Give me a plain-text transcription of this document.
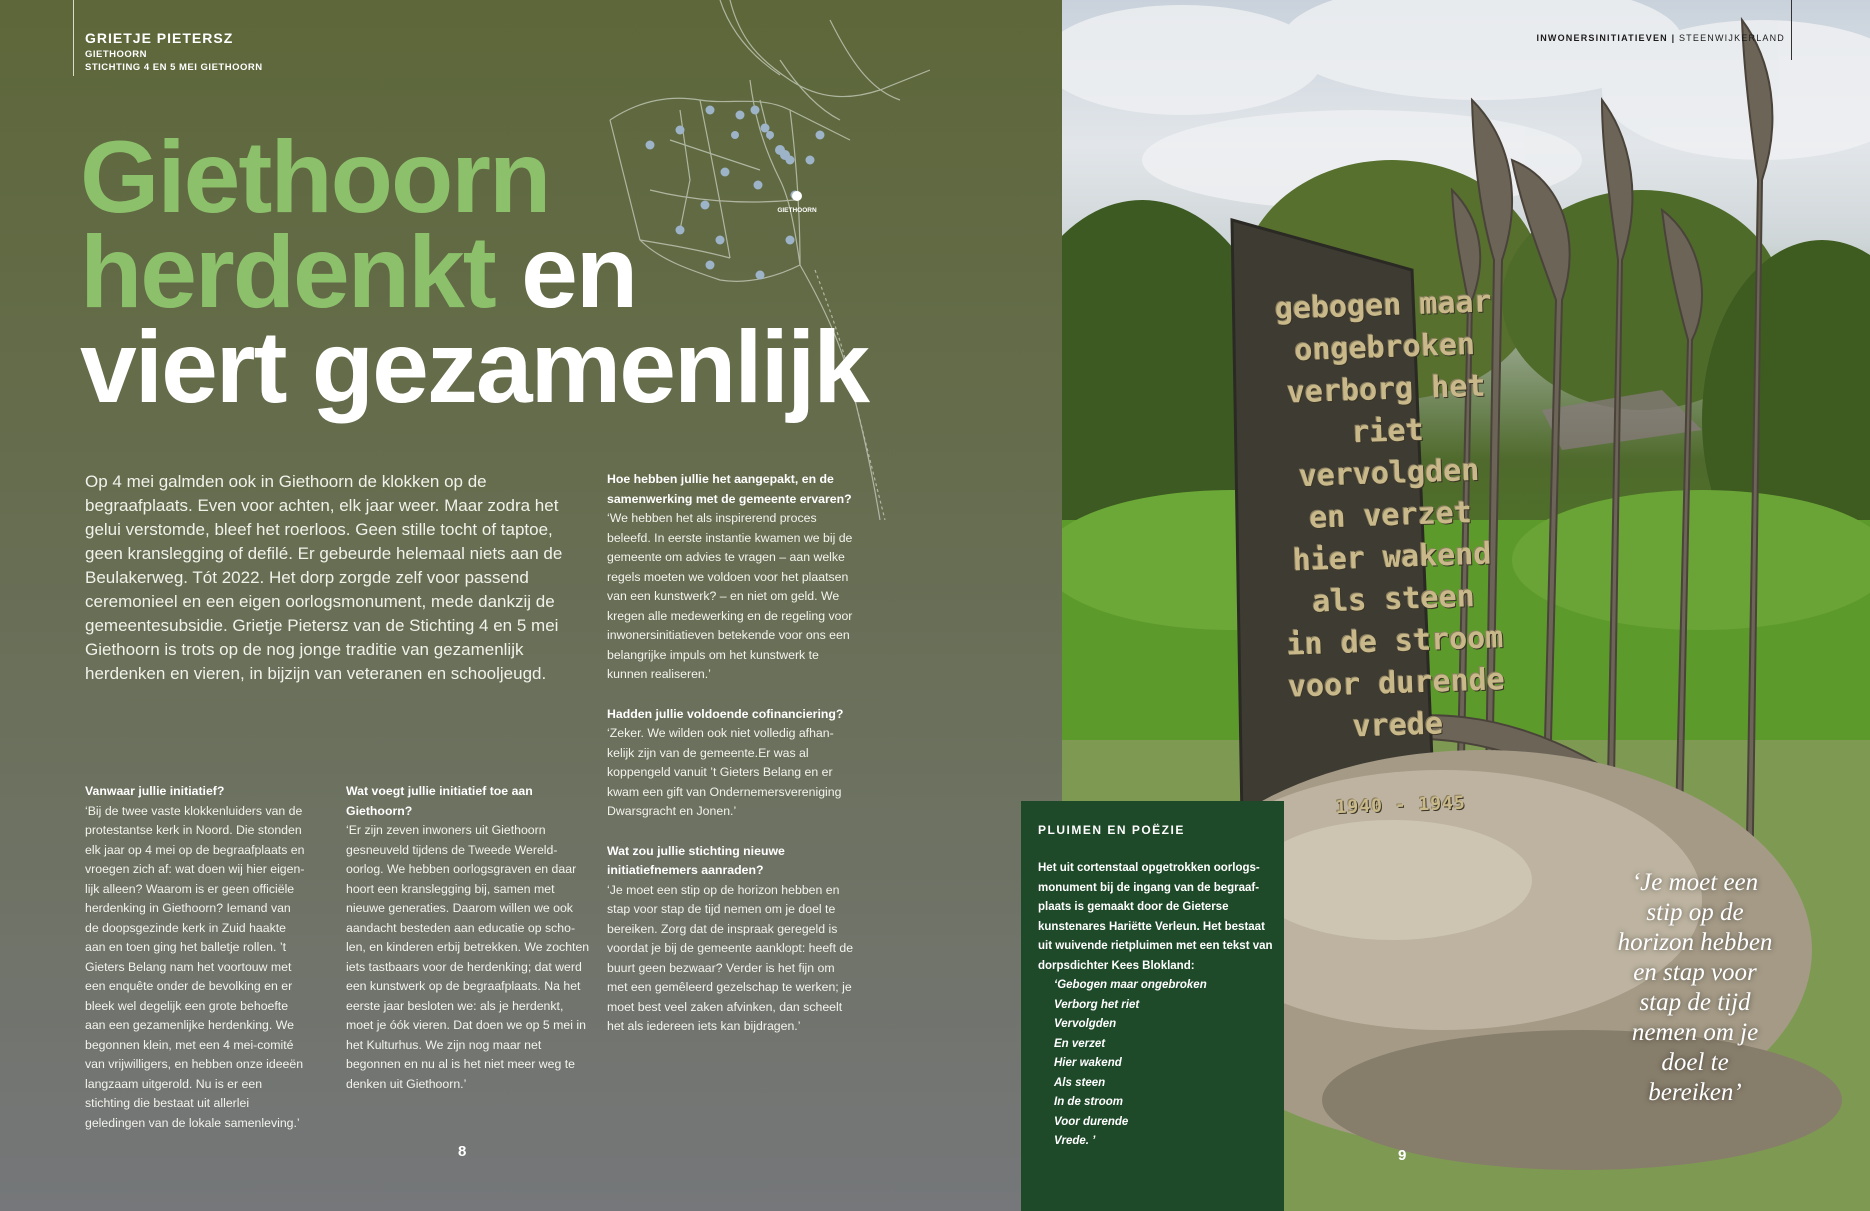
GRIETJE PIETERSZ
GIETHOORN
STICHTING 4 EN 5 MEI GIETHOORN
GIETHOORN
Giethoorn
herdenkt en
viert gezamenlijk
Op 4 mei galmden ook in Giethoorn de klokken op de begraafplaats. Even voor achten, elk jaar weer. Maar zodra het gelui verstomde, bleef het roerloos. Geen stille tocht of taptoe, geen kranslegging of defilé. Er gebeurde helemaal niets aan de Beulakerweg. Tót 2022. Het dorp zorgde zelf voor passend ceremonieel en een eigen oorlogsmonument, mede dankzij de gemeentesubsidie. Grietje Pietersz van de Stichting 4 en 5 mei Giethoorn is trots op de nog jonge traditie van gezamenlijk herdenken en vieren, in bijzijn van veteranen en schooljeugd.

Vanwaar jullie initiatief?

‘Bij de twee vaste klokkenluiders van de protestantse kerk in Noord. Die stonden elk jaar op 4 mei op de begraafplaats en vroegen zich af: wat doen wij hier eigenlijk alleen? Waarom is er geen officiële herdenking in Giethoorn? Iemand van de doopsgezinde kerk in Zuid haakte aan en toen ging het balletje rollen. ’t Gieters Belang nam het voortouw met een enquête onder de bevolking en er bleek wel degelijk een grote behoefte aan een gezamenlijke herdenking. We begonnen klein, met een 4 mei-comité van vrijwilligers, en hebben onze ideeën langzaam uitgerold. Nu is er een stichting die bestaat uit allerlei geledingen van de lokale samenleving.’

Wat voegt jullie initiatief toe aan Giethoorn?

‘Er zijn zeven inwoners uit Giethoorn gesneuveld tijdens de Tweede Wereldoorlog. We hebben oorlogsgraven en daar hoort een kranslegging bij, samen met nieuwe generaties. Daarom willen we ook aandacht besteden aan educatie op scholen, en kinderen erbij betrekken. We zochten iets tastbaars voor de herdenking; dat werd een kunstwerk op de begraafplaats. Na het eerste jaar besloten we: als je herdenkt, moet je óók vieren. Dat doen we op 5 mei in het Kulturhus. We zijn nog maar net begonnen en nu al is het niet meer weg te denken uit Giethoorn.’

Hoe hebben jullie het aangepakt, en de samenwerking met de gemeente ervaren?

‘We hebben het als inspirerend proces beleefd. In eerste instantie kwamen we bij de gemeente om advies te vragen – aan welke regels moeten we voldoen voor het plaatsen van een kunstwerk? – en niet om geld. We kregen alle medewerking en de regeling voor inwonersinitiatieven betekende voor ons een belangrijke impuls om het kunstwerk te kunnen realiseren.’

Hadden jullie voldoende cofinanciering?

‘Zeker. We wilden ook niet volledig afhankelijk zijn van de gemeente.Er was al koppengeld vanuit ’t Gieters Belang en er kwam een gift van Ondernemersvereniging Dwarsgracht en Jonen.’

Wat zou jullie stichting nieuwe initiatiefnemers aanraden?

‘Je moet een stip op de horizon hebben en stap voor stap de tijd nemen om je doel te bereiken. Zorg dat de inspraak geregeld is voordat je bij de gemeente aanklopt: heeft de buurt geen bezwaar? Verder is het fijn om met een gemêleerd gezelschap te werken; je moet best veel zaken afvinken, dan scheelt het als iedereen iets kan bijdragen.’

8
INWONERSINITIATIEVEN | STEENWIJKERLAND
gebogen maar
ongebroken
verborg het riet
vervolgden
en verzet
hier wakend
als steen
in de stroom
voor durende
vrede
1940 - 1945
‘Je moet een stip op de horizon hebben en stap voor stap de tijd nemen om je doel te bereiken’
PLUIMEN EN POËZIE
Het uit cortenstaal opgetrokken oorlogsmonument bij de ingang van de begraafplaats is gemaakt door de Gieterse kunstenares Hariëtte Verleun. Het bestaat uit wuivende rietpluimen met een tekst van dorpsdichter Kees Blokland:
‘Gebogen maar ongebroken
Verborg het riet
Vervolgden
En verzet
Hier wakend
Als steen
In de stroom
Voor durende
Vrede. ’
9
